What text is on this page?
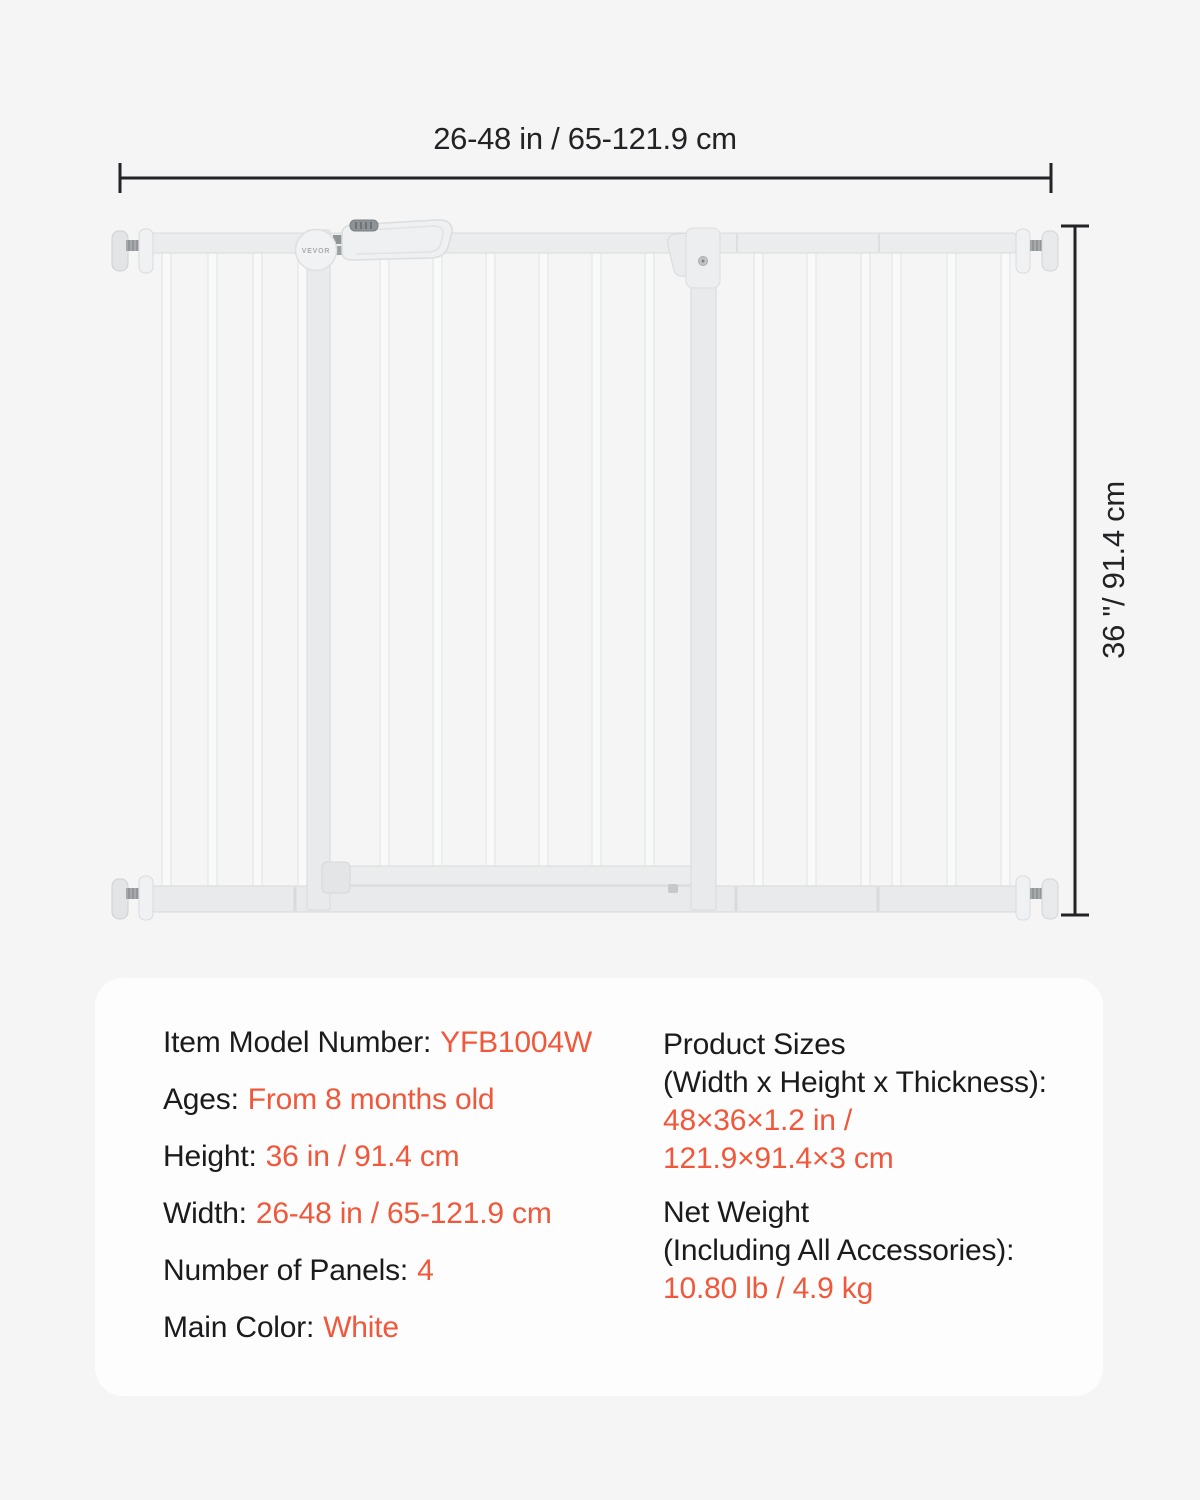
26-48 in / 65-121.9 cm
36 "/ 91.4 cm
VEVOR
Item Model Number: YFB1004W
Ages: From 8 months old
Height: 36 in / 91.4 cm
Width: 26-48 in / 65-121.9 cm
Number of Panels: 4
Main Color: White
Product Sizes
(Width x Height x Thickness):
48×36×1.2 in /
121.9×91.4×3 cm
Net Weight
(Including All Accessories):
10.80 lb / 4.9 kg
